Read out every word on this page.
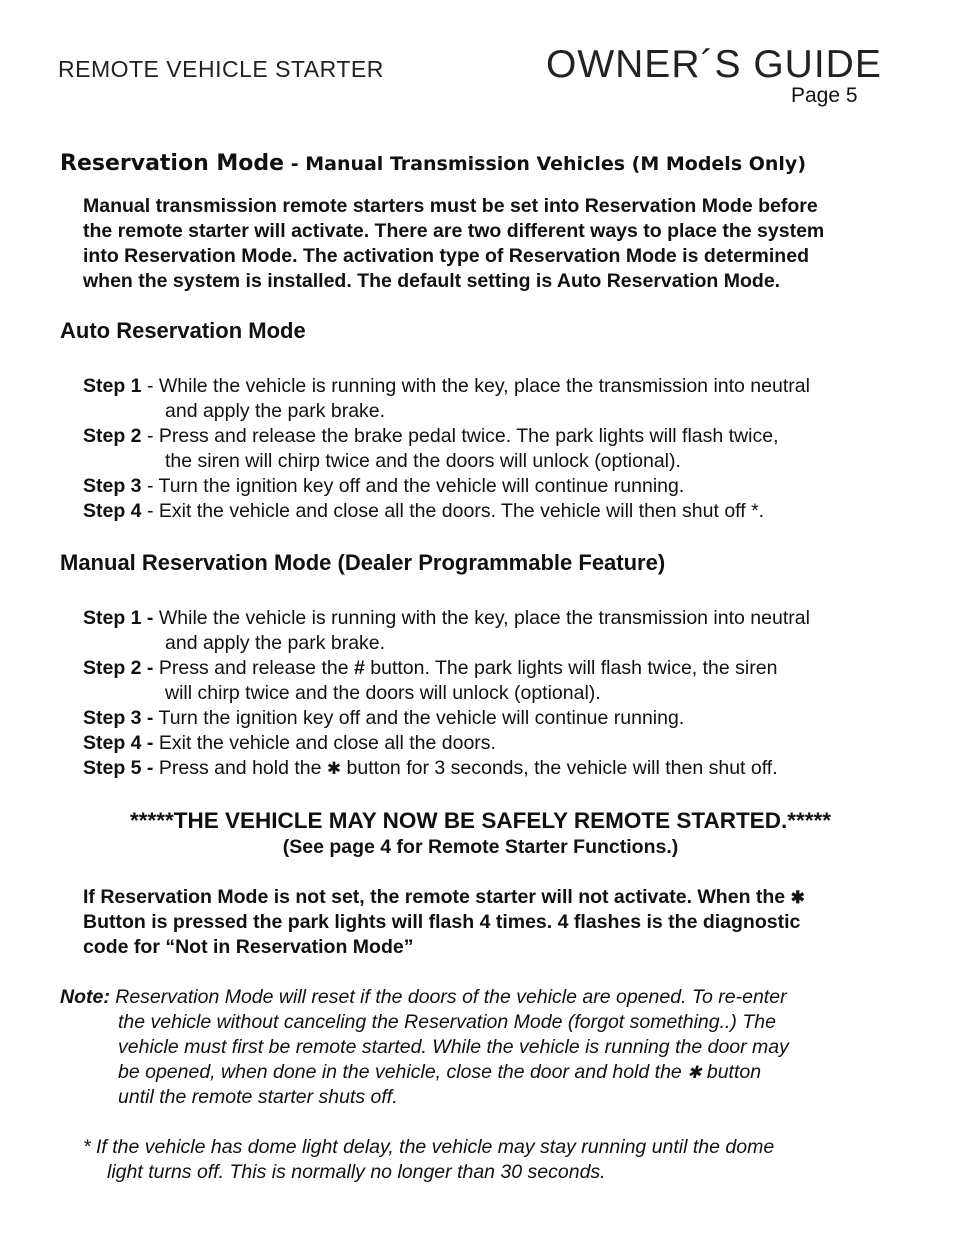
REMOTE VEHICLE STARTER	OWNER´S GUIDE
Page 5
Reservation Mode - Manual Transmission Vehicles (M Models Only)
Manual transmission remote starters must be set into Reservation Mode before
the remote starter will activate. There are two different ways to place the system
into Reservation Mode. The activation type of Reservation Mode is determined
when the system is installed. The default setting is Auto Reservation Mode.
Auto Reservation Mode
Step 1 - While the vehicle is running with the key, place the transmission into neutral
and apply the park brake.
Step 2 - Press and release the brake pedal twice. The park lights will flash twice,
the siren will chirp twice and the doors will unlock (optional).
Step 3 - Turn the ignition key off and the vehicle will continue running.
Step 4 - Exit the vehicle and close all the doors. The vehicle will then shut off *.
Manual Reservation Mode (Dealer Programmable Feature)
Step 1 - While the vehicle is running with the key, place the transmission into neutral
and apply the park brake.
Step 2 - Press and release the # button. The park lights will flash twice, the siren
will chirp twice and the doors will unlock (optional).
Step 3 - Turn the ignition key off and the vehicle will continue running.
Step 4 - Exit the vehicle and close all the doors.
Step 5 - Press and hold the ✱ button for 3 seconds, the vehicle will then shut off.
*****THE VEHICLE MAY NOW BE SAFELY REMOTE STARTED.*****
(See page 4 for Remote Starter Functions.)
If Reservation Mode is not set, the remote starter will not activate. When the ✱
Button is pressed the park lights will flash 4 times. 4 flashes is the diagnostic
code for “Not in Reservation Mode”
Note: Reservation Mode will reset if the doors of the vehicle are opened. To re-enter
the vehicle without canceling the Reservation Mode (forgot something..) The
vehicle must first be remote started. While the vehicle is running the door may
be opened, when done in the vehicle, close the door and hold the ✱ button
until the remote starter shuts off.
* If the vehicle has dome light delay, the vehicle may stay running until the dome
light turns off. This is normally no longer than 30 seconds.
